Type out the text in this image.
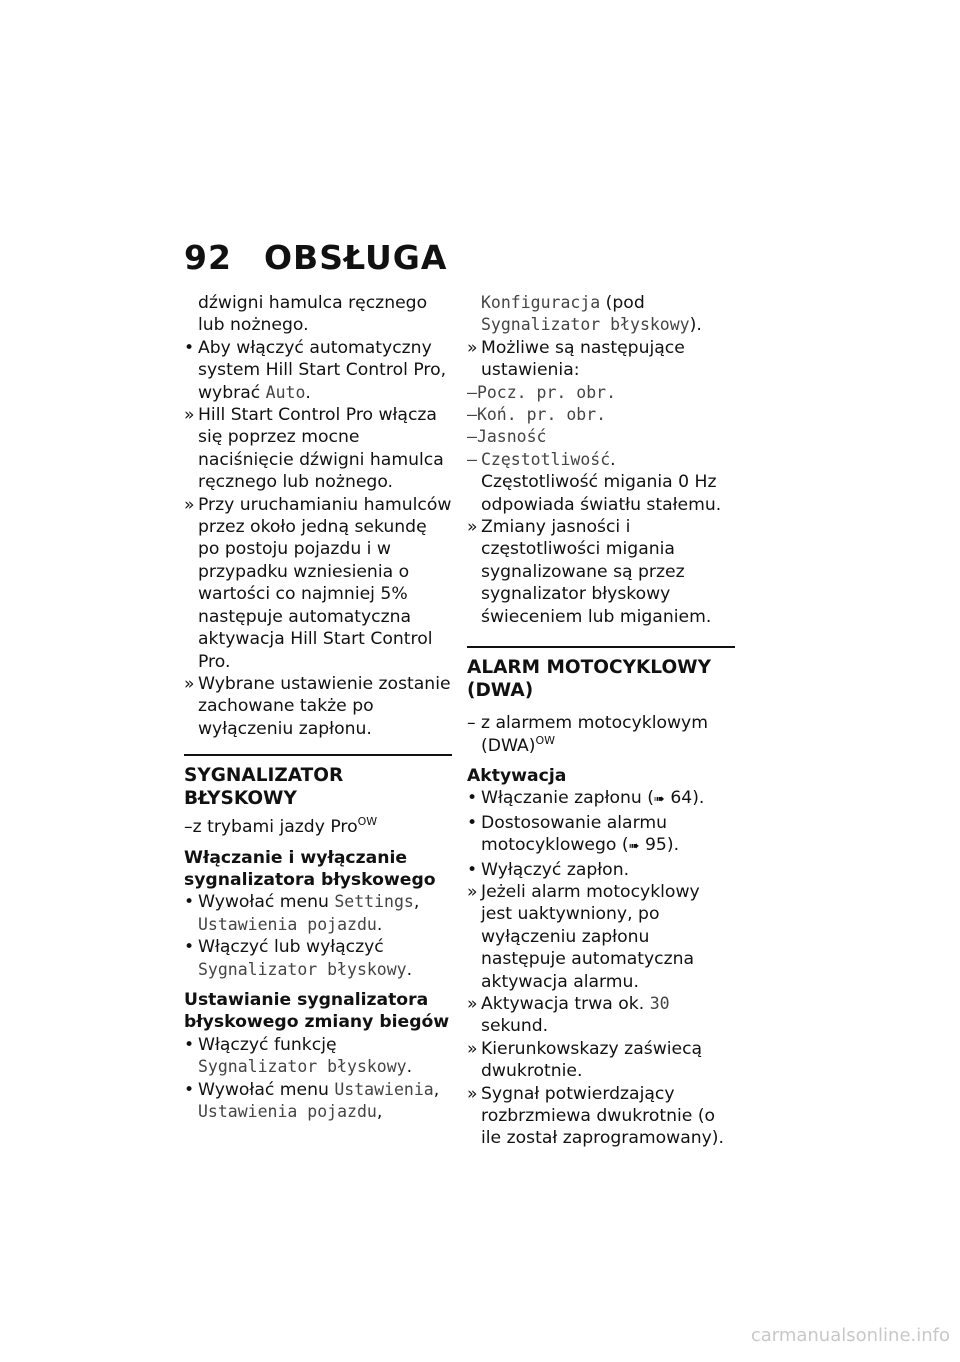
92 OBSŁUGA
dźwigni hamulca ręcznego lub nożnego.
• Aby włączyć automatyczny system Hill Start Control Pro, wybrać Auto.
» Hill Start Control Pro włącza się poprzez mocne naciśnięcie dźwigni hamulca ręcznego lub nożnego.
» Przy uruchamianiu hamulców przez około jedną sekundę po postoju pojazdu i w przypadku wzniesienia o wartości co najmniej 5% następuje automatyczna aktywacja Hill Start Control Pro.
» Wybrane ustawienie zostanie zachowane także po wyłączeniu zapłonu.
SYGNALIZATOR BŁYSKOWY
–z trybami jazdy Pro$^{OW}$
Włączanie i wyłączanie sygnalizatora błyskowego
• Wywołać menu Settings, Ustawienia pojazdu.
• Włączyć lub wyłączyć Sygnalizator błyskowy.
Ustawianie sygnalizatora błyskowego zmiany biegów
• Włączyć funkcję Sygnalizator błyskowy.
• Wywołać menu Ustawienia, Ustawienia pojazdu,
Konfiguracja (pod Sygnalizator błyskowy).
» Możliwe są następujące ustawienia:
–Pocz. pr. obr.
–Koń. pr. obr.
–Jasność
– Częstotliwość. Częstotliwość migania 0 Hz odpowiada światłu stałemu.
» Zmiany jasności i częstotliwości migania sygnalizowane są przez sygnalizator błyskowy świeceniem lub miganiem.
ALARM MOTOCYKLOWY (DWA)
– z alarmem motocyklowym (DWA)$^{OW}$
Aktywacja
• Włączanie zapłonu (➠ 64).
• Dostosowanie alarmu motocyklowego (➠ 95).
• Wyłączyć zapłon.
» Jeżeli alarm motocyklowy jest uaktywniony, po wyłączeniu zapłonu następuje automatyczna aktywacja alarmu.
» Aktywacja trwa ok. 30 sekund.
» Kierunkowskazy zaświecą dwukrotnie.
» Sygnał potwierdzający rozbrzmiewa dwukrotnie (o ile został zaprogramowany).
carmanualsonline.info
